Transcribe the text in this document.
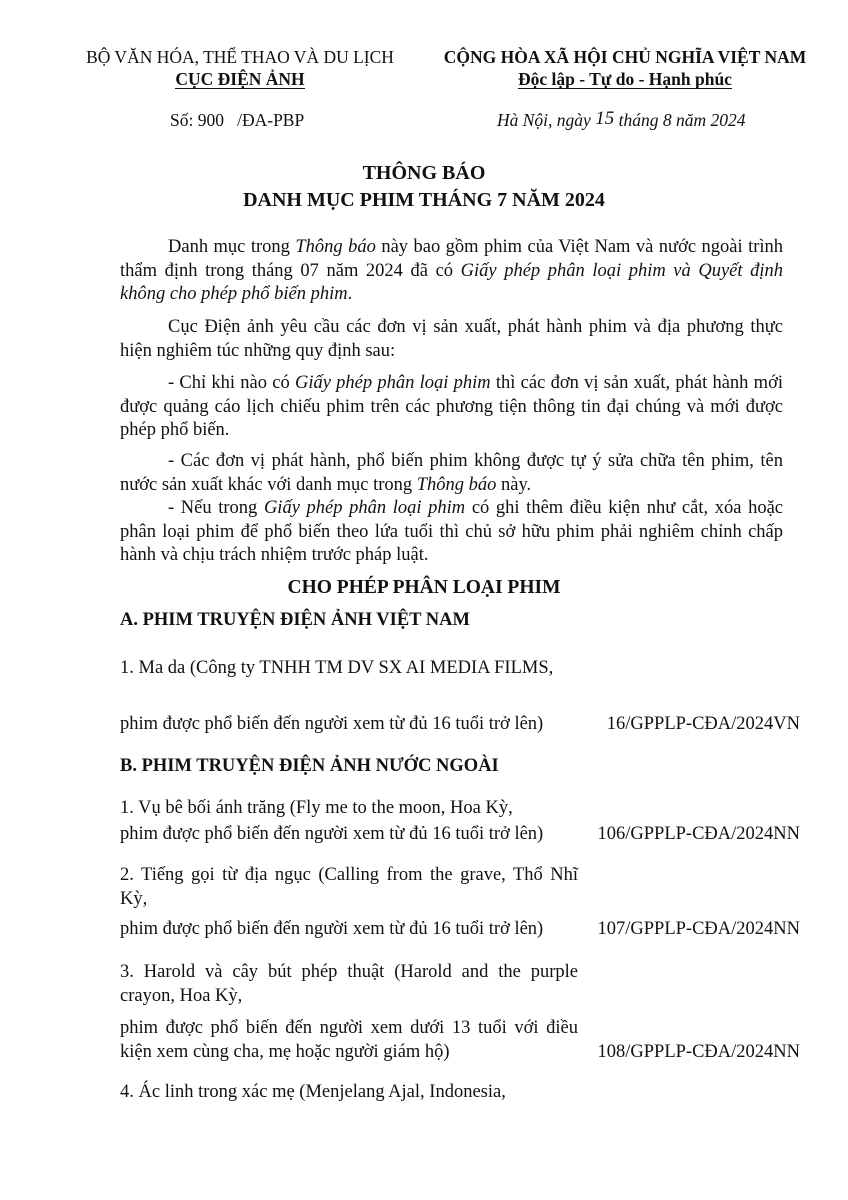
BỘ VĂN HÓA, THỂ THAO VÀ DU LỊCH
CỤC ĐIỆN ẢNH
CỘNG HÒA XÃ HỘI CHỦ NGHĨA VIỆT NAM
Độc lập - Tự do - Hạnh phúc
Số: 900 /ĐA-PBP	Hà Nội, ngày 15 tháng 8 năm 2024
THÔNG BÁO
DANH MỤC PHIM THÁNG 7 NĂM 2024
Danh mục trong Thông báo này bao gồm phim của Việt Nam và nước ngoài trình thẩm định trong tháng 07 năm 2024 đã có Giấy phép phân loại phim và Quyết định không cho phép phổ biến phim.
Cục Điện ảnh yêu cầu các đơn vị sản xuất, phát hành phim và địa phương thực hiện nghiêm túc những quy định sau:
- Chỉ khi nào có Giấy phép phân loại phim thì các đơn vị sản xuất, phát hành mới được quảng cáo lịch chiếu phim trên các phương tiện thông tin đại chúng và mới được phép phổ biến.
- Các đơn vị phát hành, phổ biến phim không được tự ý sửa chữa tên phim, tên nước sản xuất khác với danh mục trong Thông báo này.
- Nếu trong Giấy phép phân loại phim có ghi thêm điều kiện như cắt, xóa hoặc phân loại phim để phổ biến theo lứa tuổi thì chủ sở hữu phim phải nghiêm chỉnh chấp hành và chịu trách nhiệm trước pháp luật.
CHO PHÉP PHÂN LOẠI PHIM
A. PHIM TRUYỆN ĐIỆN ẢNH VIỆT NAM
1. Ma da (Công ty TNHH TM DV SX AI MEDIA FILMS,
phim được phổ biến đến người xem từ đủ 16 tuổi trở lên)	16/GPPLP-CĐA/2024VN
B. PHIM TRUYỆN ĐIỆN ẢNH NƯỚC NGOÀI
1. Vụ bê bối ánh trăng (Fly me to the moon, Hoa Kỳ,
phim được phổ biến đến người xem từ đủ 16 tuổi trở lên)	106/GPPLP-CĐA/2024NN
2. Tiếng gọi từ địa ngục (Calling from the grave, Thổ Nhĩ Kỳ,
phim được phổ biến đến người xem từ đủ 16 tuổi trở lên)	107/GPPLP-CĐA/2024NN
3. Harold và cây bút phép thuật (Harold and the purple crayon, Hoa Kỳ,
phim được phổ biến đến người xem dưới 13 tuổi với điều kiện xem cùng cha, mẹ hoặc người giám hộ)	108/GPPLP-CĐA/2024NN
4. Ác linh trong xác mẹ (Menjelang Ajal, Indonesia,
